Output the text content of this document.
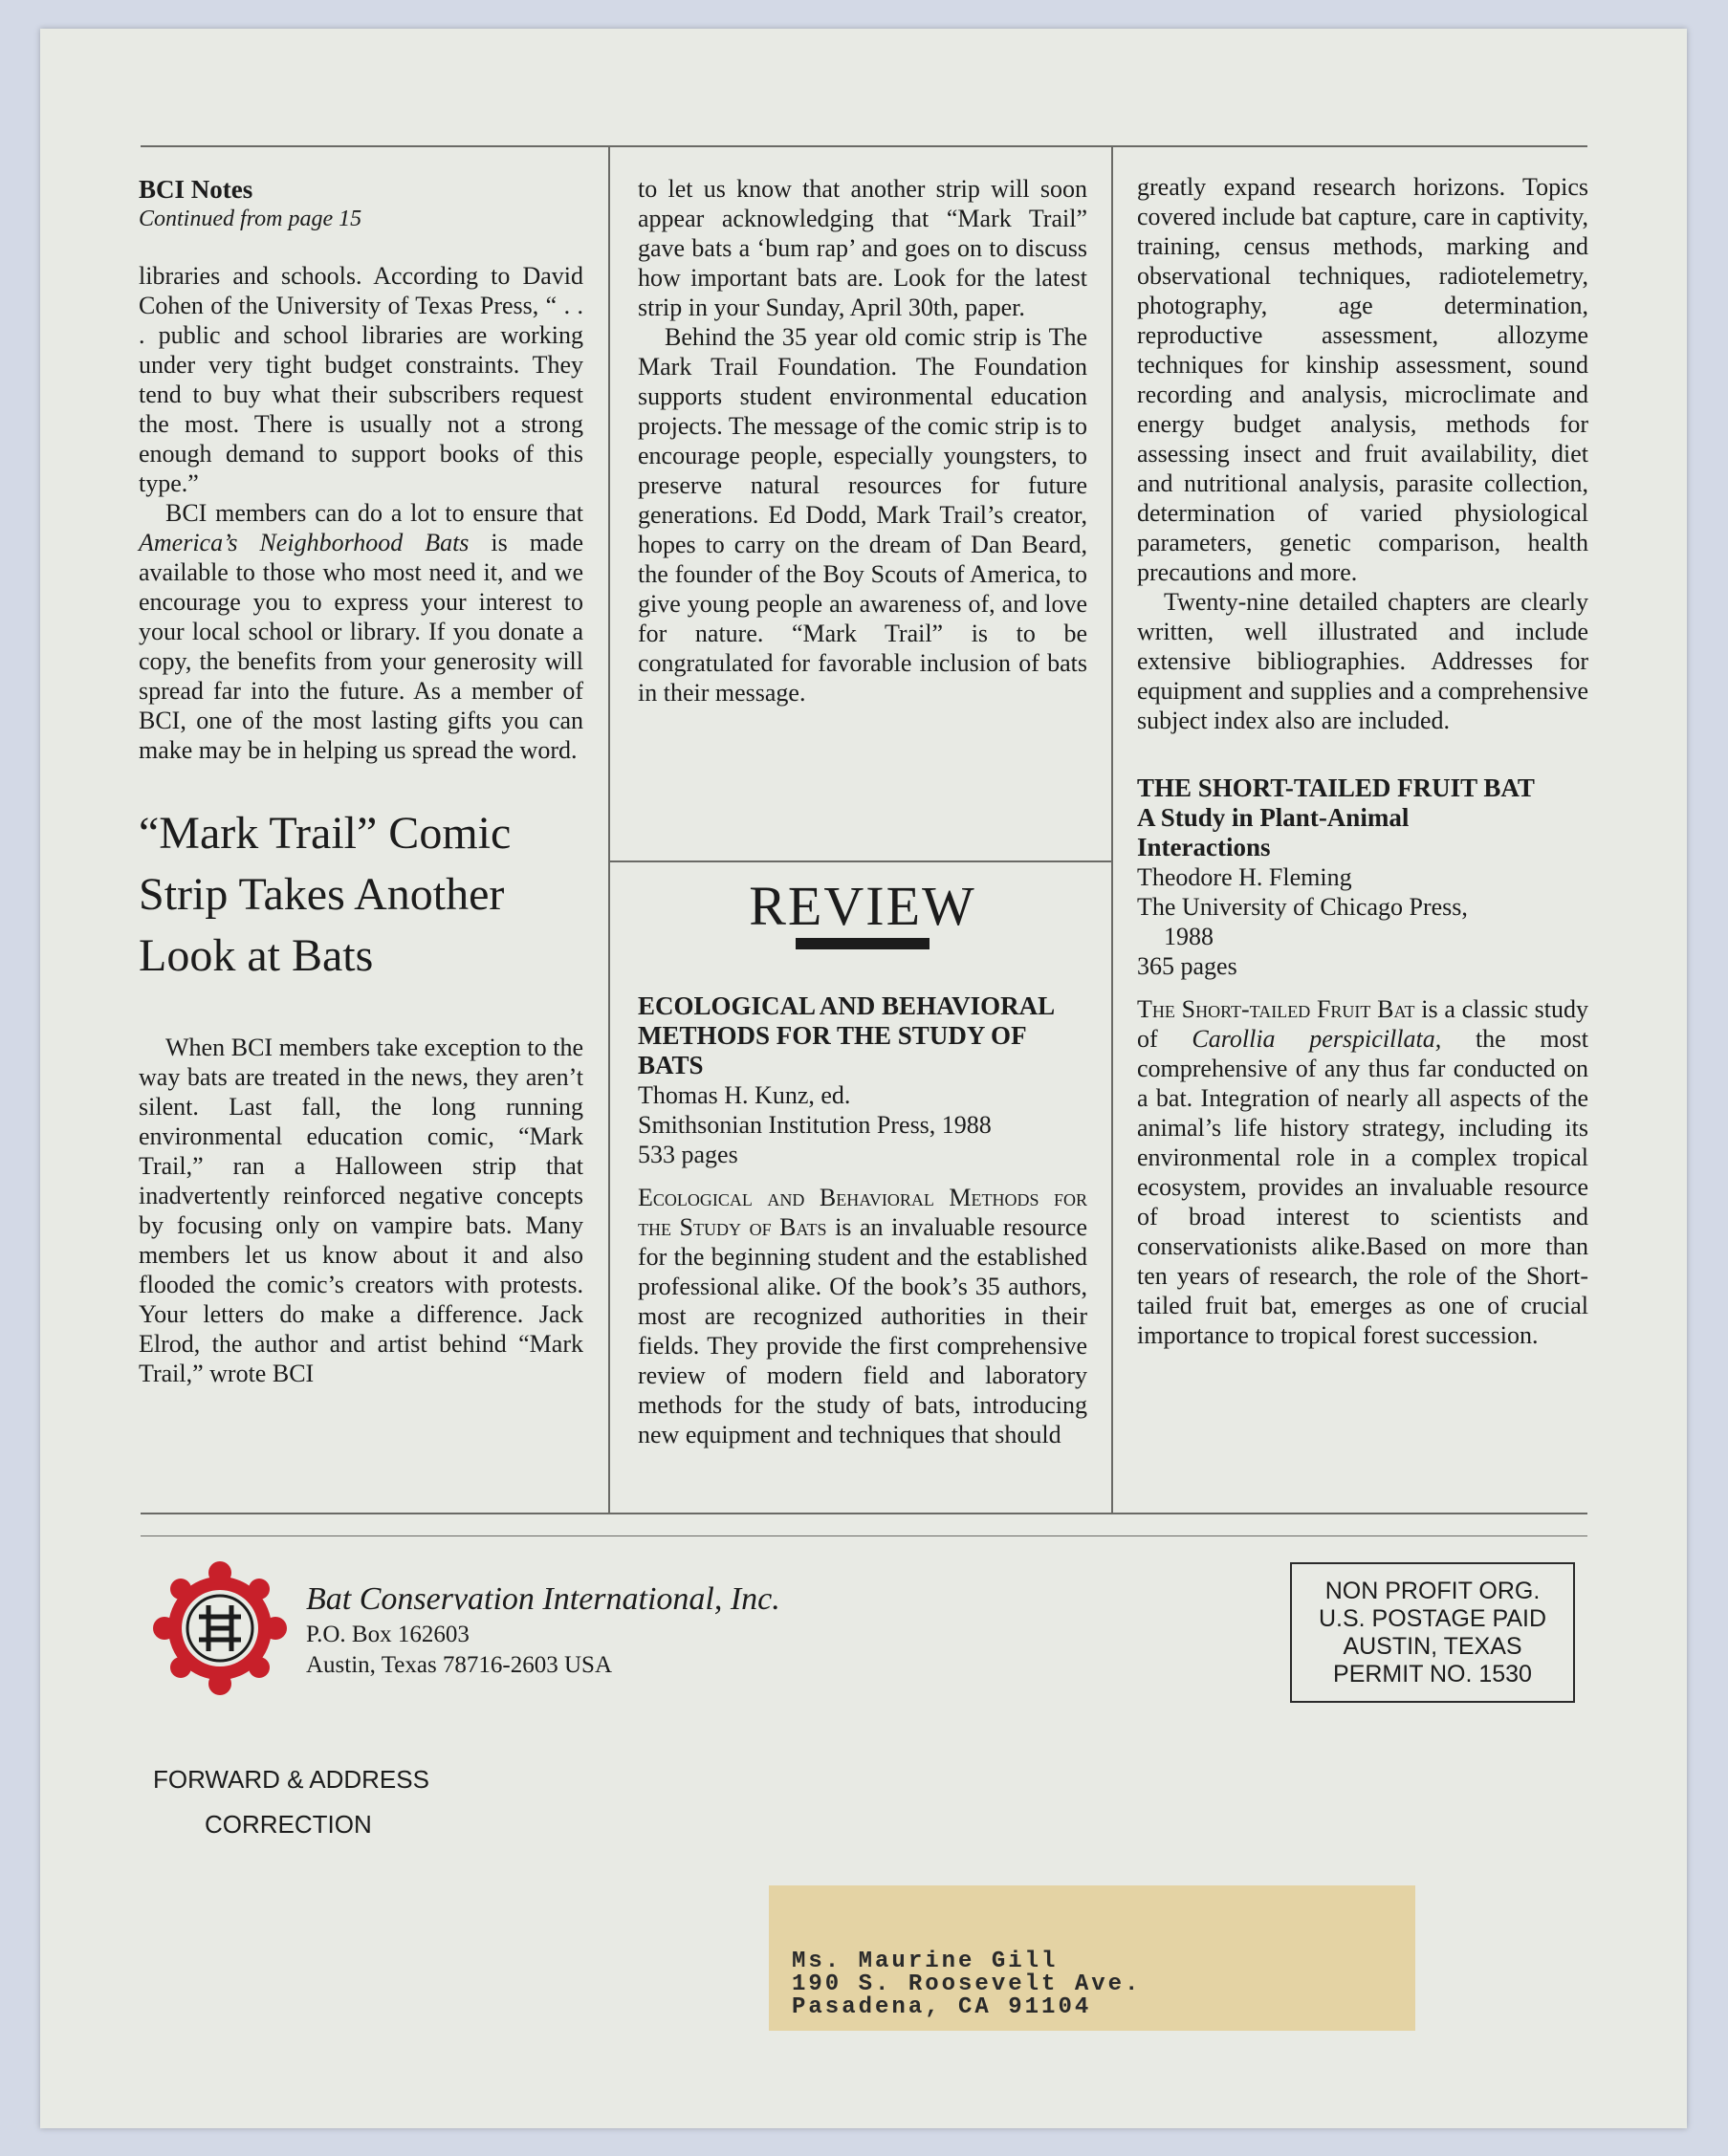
BCI Notes
Continued from page 15

libraries and schools. According to David Cohen of the University of Texas Press, “ . . . public and school libraries are working under very tight budget constraints. They tend to buy what their subscribers request the most. There is usually not a strong enough demand to support books of this type.”

BCI members can do a lot to ensure that America’s Neighborhood Bats is made available to those who most need it, and we encourage you to express your interest to your local school or library. If you donate a copy, the benefits from your generosity will spread far into the future. As a member of BCI, one of the most lasting gifts you can make may be in helping us spread the word.

“Mark Trail” Comic Strip Takes Another Look at Bats

When BCI members take exception to the way bats are treated in the news, they aren’t silent. Last fall, the long running environmental education comic, “Mark Trail,” ran a Halloween strip that inadvertently reinforced negative concepts by focusing only on vampire bats. Many members let us know about it and also flooded the comic’s creators with protests. Your letters do make a difference. Jack Elrod, the author and artist behind “Mark Trail,” wrote BCI

to let us know that another strip will soon appear acknowledging that “Mark Trail” gave bats a ‘bum rap’ and goes on to discuss how important bats are. Look for the latest strip in your Sunday, April 30th, paper.

Behind the 35 year old comic strip is The Mark Trail Foundation. The Foundation supports student environmental education projects. The message of the comic strip is to encourage people, especially youngsters, to preserve natural resources for future generations. Ed Dodd, Mark Trail’s creator, hopes to carry on the dream of Dan Beard, the founder of the Boy Scouts of America, to give young people an awareness of, and love for nature. “Mark Trail” is to be congratulated for favorable inclusion of bats in their message.

REVIEW
ECOLOGICAL AND BEHAVIORAL METHODS FOR THE STUDY OF BATS
Thomas H. Kunz, ed.
Smithsonian Institution Press, 1988
533 pages

Ecological and Behavioral Methods for the Study of Bats is an invaluable resource for the beginning student and the established professional alike. Of the book’s 35 authors, most are recognized authorities in their fields. They provide the first comprehensive review of modern field and laboratory methods for the study of bats, introducing new equipment and techniques that should

greatly expand research horizons. Topics covered include bat capture, care in captivity, training, census methods, marking and observational techniques, radiotelemetry, photography, age determination, reproductive assessment, allozyme techniques for kinship assessment, sound recording and analysis, microclimate and energy budget analysis, methods for assessing insect and fruit availability, diet and nutritional analysis, parasite collection, determination of varied physiological parameters, genetic comparison, health precautions and more.

Twenty-nine detailed chapters are clearly written, well illustrated and include extensive bibliographies. Addresses for equipment and supplies and a comprehensive subject index also are included.

THE SHORT-TAILED FRUIT BAT
A Study in Plant-Animal Interactions
Theodore H. Fleming
The University of Chicago Press,
1988
365 pages

The Short-tailed Fruit Bat is a classic study of Carollia perspicillata, the most comprehensive of any thus far conducted on a bat. Integration of nearly all aspects of the animal’s life history strategy, including its environmental role in a complex tropical ecosystem, provides an invaluable resource of broad interest to scientists and conservationists alike.Based on more than ten years of research, the role of the Short-tailed fruit bat, emerges as one of crucial importance to tropical forest succession.

Bat Conservation International, Inc.
P.O. Box 162603
Austin, Texas 78716-2603 USA
FORWARD & ADDRESS
CORRECTION
NON PROFIT ORG.
U.S. POSTAGE PAID
AUSTIN, TEXAS
PERMIT NO. 1530
Ms. Maurine Gill
190 S. Roosevelt Ave.
Pasadena, CA 91104
